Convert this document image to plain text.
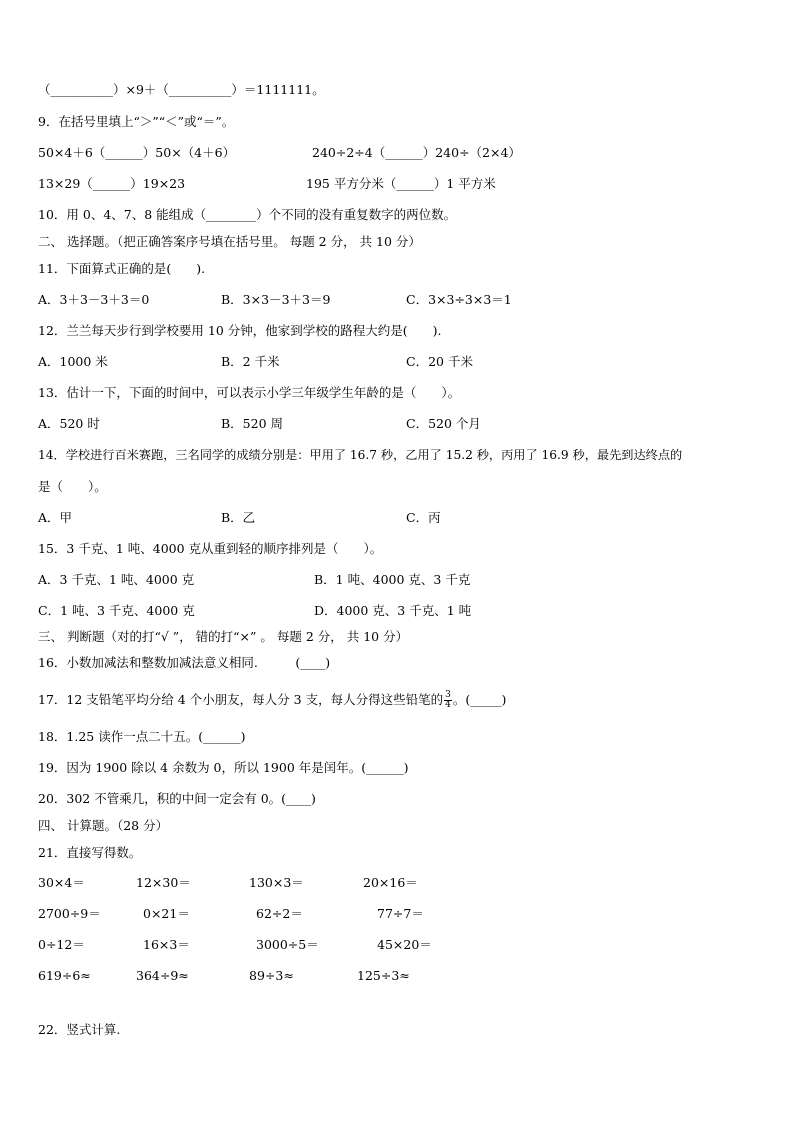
（__________）×9＋（__________）＝1111111。
9．在括号里填上“＞”“＜”或“＝”。
50×4＋6（______）50×（4＋6）	240÷2÷4（______）240÷（2×4）
13×29（______）19×23	195 平方分米（______）1 平方米
10．用 0、4、7、8 能组成（________）个不同的没有重复数字的两位数。
二、 选择题。（把正确答案序号填在括号里。 每题 2 分， 共 10 分）
11．下面算式正确的是(　　).
A．3＋3－3＋3＝0	B．3×3－3＋3＝9	C．3×3÷3×3＝1
12．兰兰每天步行到学校要用 10 分钟，他家到学校的路程大约是(　　).
A．1000 米	B．2 千米	C．20 千米
13．估计一下，下面的时间中，可以表示小学三年级学生年龄的是（　　）。
A．520 时	B．520 周	C．520 个月
14．学校进行百米赛跑，三名同学的成绩分别是：甲用了 16.7 秒，乙用了 15.2 秒，丙用了 16.9 秒，最先到达终点的
是（　　）。
A．甲	B．乙	C．丙
15．3 千克、1 吨、4000 克从重到轻的顺序排列是（　　）。
A．3 千克、1 吨、4000 克	B．1 吨、4000 克、3 千克
C．1 吨、3 千克、4000 克	D．4000 克、3 千克、1 吨
三、 判断题（对的打“√ ”， 错的打“×” 。 每题 2 分， 共 10 分）
16．小数加减法和整数加减法意义相同.　　　(____)
17．12 支铅笔平均分给 4 个小朋友，每人分 3 支，每人分得这些铅笔的 $\frac{3}{4}$ 。(_____)
18．1.25 读作一点二十五。(______)
19．因为 1900 除以 4 余数为 0，所以 1900 年是闰年。(______)
20．302 不管乘几，积的中间一定会有 0。(____)
四、 计算题。（28 分）
21．直接写得数。
30×4＝	12×30＝	130×3＝	20×16＝
2700÷9＝	0×21＝	62÷2＝	77÷7＝
0÷12＝	16×3＝	3000÷5＝	45×20＝
619÷6≈	364÷9≈	89÷3≈	125÷3≈
22．竖式计算.
